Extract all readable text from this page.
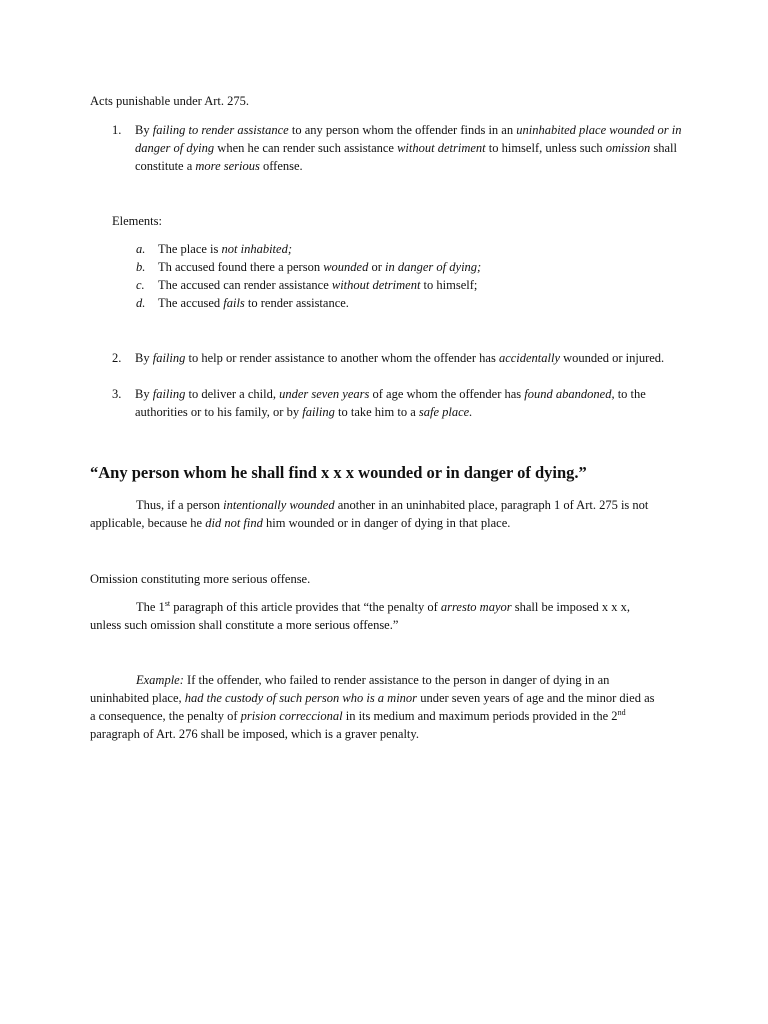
Acts punishable under Art. 275.

1.	By failing to render assistance to any person whom the offender finds in an uninhabited place wounded or in danger of dying when he can render such assistance without detriment to himself, unless such omission shall constitute a more serious offense.

Elements:

a. The place is not inhabited;

b. Th accused found there a person wounded or in danger of dying;

c. The accused can render assistance without detriment to himself;

d. The accused fails to render assistance.

2.	By failing to help or render assistance to another whom the offender has accidentally wounded or injured.

3.	By failing to deliver a child, under seven years of age whom the offender has found abandoned, to the authorities or to his family, or by failing to take him to a safe place.

“Any person whom he shall find x x x wounded or in danger of dying.”

Thus, if a person intentionally wounded another in an uninhabited place, paragraph 1 of Art. 275 is not applicable, because he did not find him wounded or in danger of dying in that place.

Omission constituting more serious offense.

The 1st paragraph of this article provides that “the penalty of arresto mayor shall be imposed x x x, unless such omission shall constitute a more serious offense.”

Example: If the offender, who failed to render assistance to the person in danger of dying in an uninhabited place, had the custody of such person who is a minor under seven years of age and the minor died as a consequence, the penalty of prision correccional in its medium and maximum periods provided in the 2nd paragraph of Art. 276 shall be imposed, which is a graver penalty.
